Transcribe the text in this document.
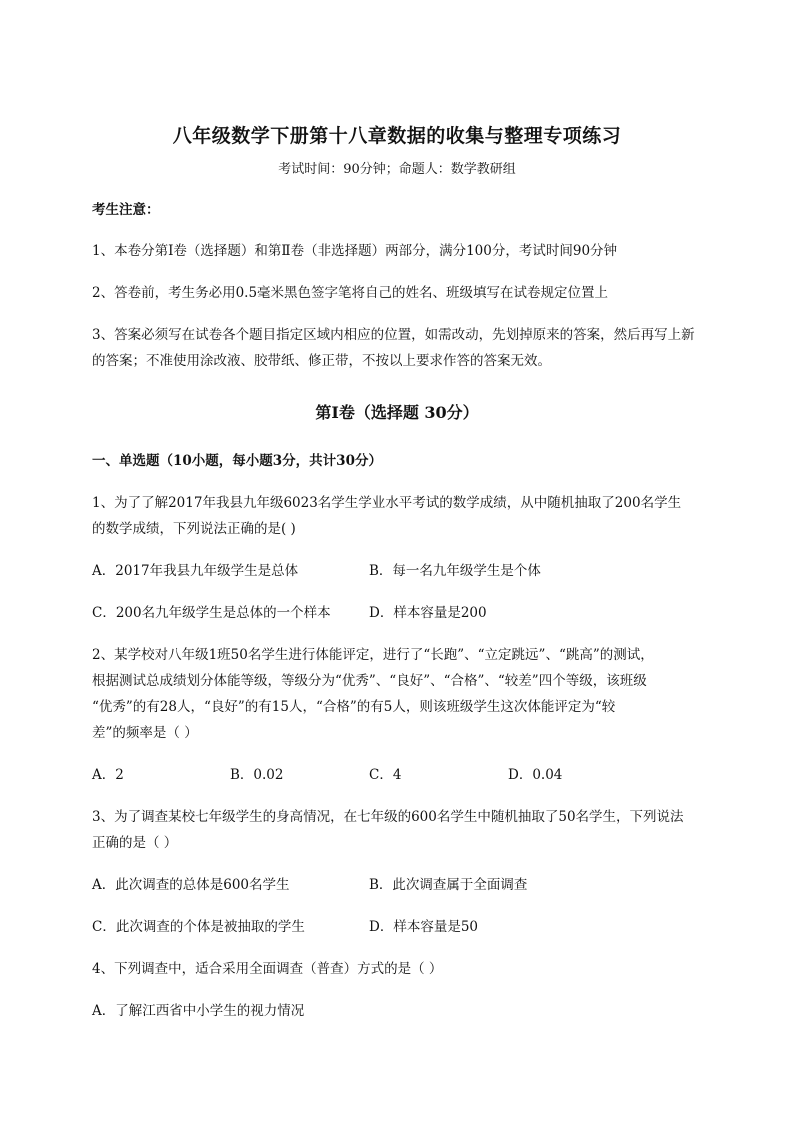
八年级数学下册第十八章数据的收集与整理专项练习
考试时间：90分钟；命题人：数学教研组
考生注意：
1、本卷分第I卷（选择题）和第Ⅱ卷（非选择题）两部分，满分100分，考试时间90分钟
2、答卷前，考生务必用0.5毫米黑色签字笔将自己的姓名、班级填写在试卷规定位置上
3、答案必须写在试卷各个题目指定区域内相应的位置，如需改动，先划掉原来的答案，然后再写上新
的答案；不准使用涂改液、胶带纸、修正带，不按以上要求作答的答案无效。
第I卷（选择题 30分）
一、单选题（10小题，每小题3分，共计30分）
1、为了了解2017年我县九年级6023名学生学业水平考试的数学成绩，从中随机抽取了200名学生
的数学成绩，下列说法正确的是( )
A．2017年我县九年级学生是总体	B．每一名九年级学生是个体
C．200名九年级学生是总体的一个样本	D．样本容量是200
2、某学校对八年级1班50名学生进行体能评定，进行了“长跑”、“立定跳远”、“跳高”的测试，
根据测试总成绩划分体能等级，等级分为“优秀”、“良好”、“合格”、“较差”四个等级，该班级
“优秀”的有28人，“良好”的有15人，“合格”的有5人，则该班级学生这次体能评定为“较
差”的频率是（ ）
A．2	B．0.02	C．4	D．0.04
3、为了调查某校七年级学生的身高情况，在七年级的600名学生中随机抽取了50名学生，下列说法
正确的是（ ）
A．此次调查的总体是600名学生	B．此次调查属于全面调查
C．此次调查的个体是被抽取的学生	D．样本容量是50
4、下列调查中，适合采用全面调查（普查）方式的是（ ）
A．了解江西省中小学生的视力情况
